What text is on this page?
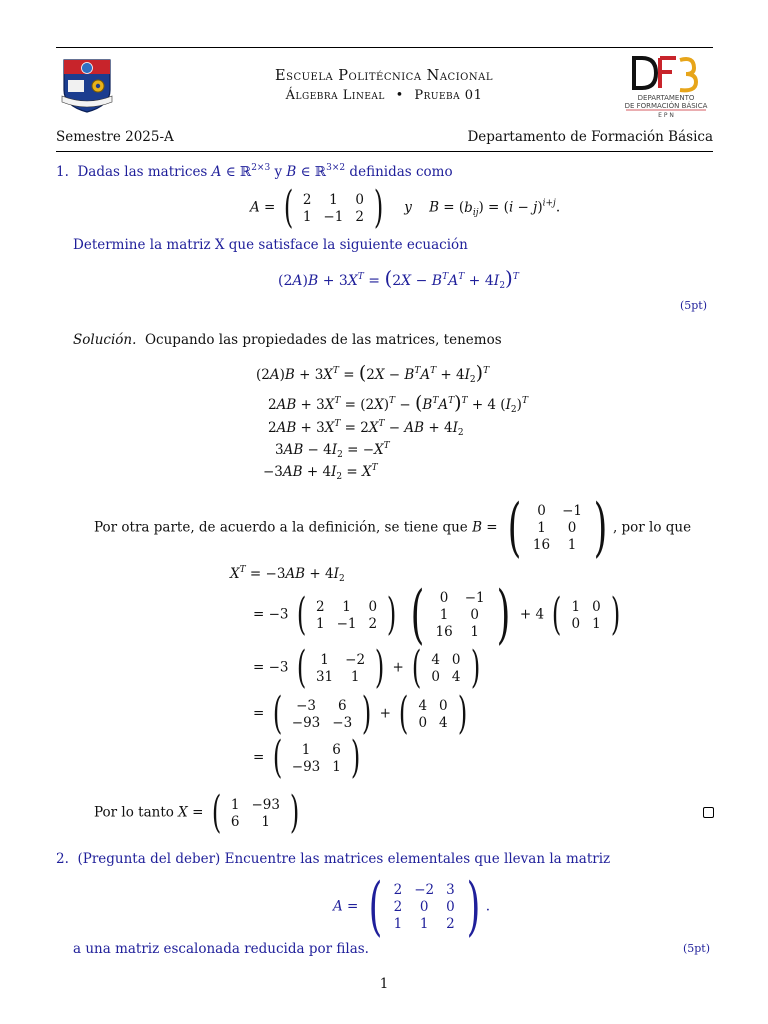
DEPARTAMENTO
DE FORMACIÓN BÁSICA
E P N
Escuela Politécnica Nacional
Álgebra Lineal • Prueba 01
Semestre 2025-A	Departamento de Formación Básica
1.  Dadas las matrices A ∈ ℝ$^{2\times 3}$ y B ∈ ℝ$^{3\times 2}$ definidas como
A = ( 2	1	0
1	−1	2 ) y $B = (b_{ij}) = (i - j)^{i+j}$.
Determine la matriz X que satisface la siguiente ecuación
$(2A)B + 3X^T = (2X - B^TA^T + 4I_2)^T$
(5pt)
Solución. Ocupando las propiedades de las matrices, tenemos
$(2A)B + 3X^T = (2X - B^TA^T + 4I_2)^T$
$2AB + 3X^T = (2X)^T - (B^TA^T)^T + 4$ $(I_2)^T$
$2AB + 3X^T = 2X^T$ − AB + $4I_2$
$3AB - 4I_2 = -X^T$
$-3AB + 4I_2 = X^T$
Por otra parte, de acuerdo a la definición, se tiene que B = ( 0	−1
1	0
16	1 ) , por lo que
$X^T = -3AB + 4I_2$
= −3 ( 2	1	0
1	−1	2 )
( 0	−1
1	0
16	1 ) + 4 ( 1	0
0	1 )
= −3 ( 1	−2
31	1 ) + ( 4	0
0	4 )
= ( −3	6
−93	−3 ) + ( 4	0
0	4 )
= ( 1	6
−93	1 )
Por lo tanto X = ( 1	−93
6	1 )
2. (Pregunta del deber) Encuentre las matrices elementales que llevan la matriz
A = ( 2	−2	3
2	0	0
1	1	2 ) .
a una matriz escalonada reducida por filas.	(5pt)
1
